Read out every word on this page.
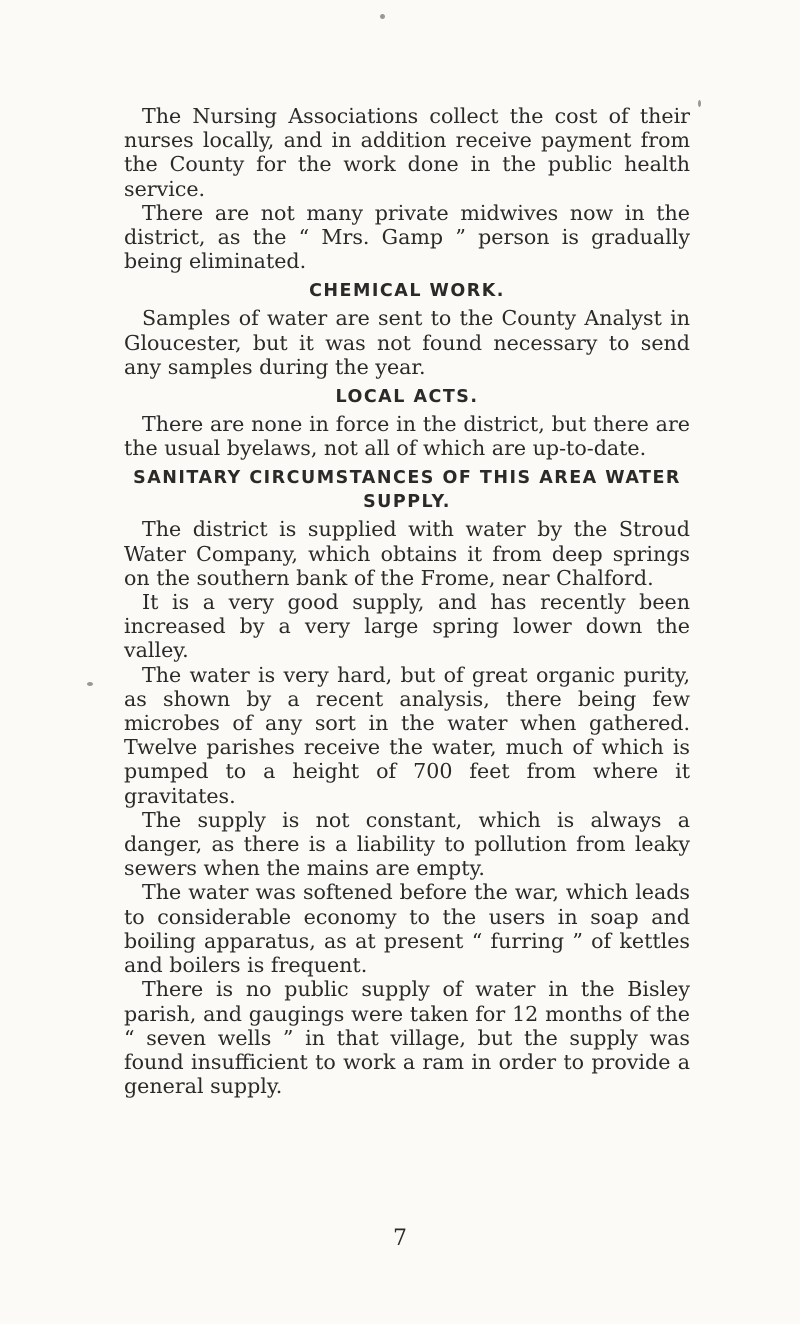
The Nursing Associations collect the cost of their nurses locally, and in addition receive payment from the County for the work done in the public health service.

There are not many private midwives now in the district, as the “ Mrs. Gamp ” person is gradually being eliminated.

CHEMICAL WORK.

Samples of water are sent to the County Analyst in Gloucester, but it was not found necessary to send any samples during the year.

LOCAL ACTS.

There are none in force in the district, but there are the usual byelaws, not all of which are up-to-date.

SANITARY CIRCUMSTANCES OF THIS AREA WATER SUPPLY.

The district is supplied with water by the Stroud Water Company, which obtains it from deep springs on the southern bank of the Frome, near Chalford.

It is a very good supply, and has recently been increased by a very large spring lower down the valley.

The water is very hard, but of great organic purity, as shown by a recent analysis, there being few microbes of any sort in the water when gathered. Twelve parishes receive the water, much of which is pumped to a height of 700 feet from where it gravitates.

The supply is not constant, which is always a danger, as there is a liability to pollution from leaky sewers when the mains are empty.

The water was softened before the war, which leads to considerable economy to the users in soap and boiling apparatus, as at present “ furring ” of kettles and boilers is frequent.

There is no public supply of water in the Bisley parish, and gaugings were taken for 12 months of the “ seven wells ” in that village, but the supply was found insufficient to work a ram in order to provide a general supply.

7
